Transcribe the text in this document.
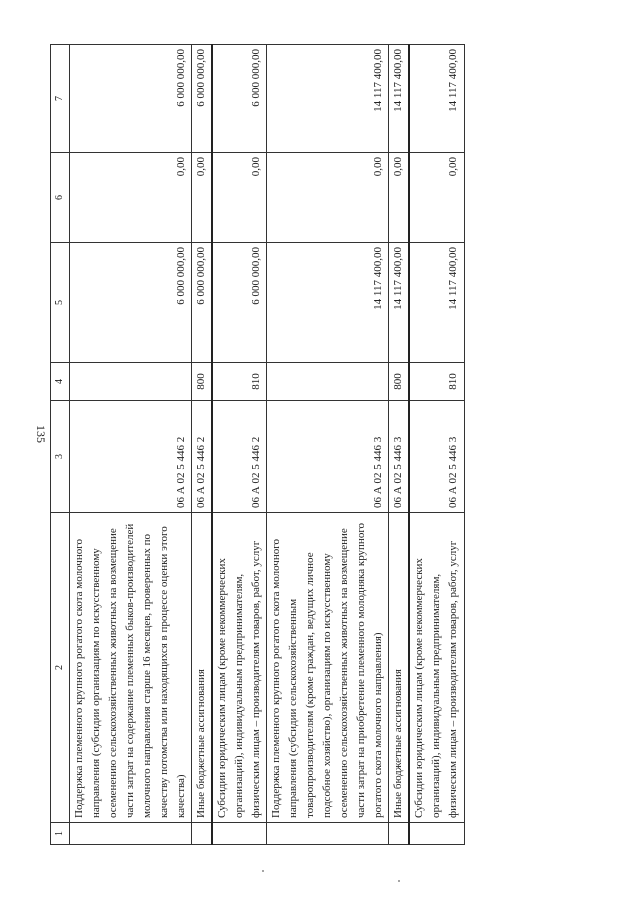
135
1	2	3	4	5	6	7
	Поддержка племенного крупного рогатого скота молочного направления (субсидии организациям по искусственному осеменению сельскохозяйственных животных на возмещение части затрат на содержание племенных быков-производителей молочного направления старше 16 месяцев, проверенных по качеству потомства или находящихся в процессе оценки этого качества)	06 А 02 5 446 2		6 000 000,00	0,00	6 000 000,00
	Иные бюджетные ассигнования	06 А 02 5 446 2	800	6 000 000,00	0,00	6 000 000,00
	Субсидии юридическим лицам (кроме некоммерческих организаций), индивидуальным предпринимателям, физическим лицам – производителям товаров, работ, услуг	06 А 02 5 446 2	810	6 000 000,00	0,00	6 000 000,00
	Поддержка племенного крупного рогатого скота молочного направления (субсидии сельскохозяйственным товаропроизводителям (кроме граждан, ведущих личное подсобное хозяйство), организациям по искусственному осеменению сельскохозяйственных животных на возмещение части затрат на приобретение племенного молодняка крупного рогатого скота молочного направления)	06 А 02 5 446 3		14 117 400,00	0,00	14 117 400,00
	Иные бюджетные ассигнования	06 А 02 5 446 3	800	14 117 400,00	0,00	14 117 400,00
	Субсидии юридическим лицам (кроме некоммерческих организаций), индивидуальным предпринимателям, физическим лицам – производителям товаров, работ, услуг	06 А 02 5 446 3	810	14 117 400,00	0,00	14 117 400,00
